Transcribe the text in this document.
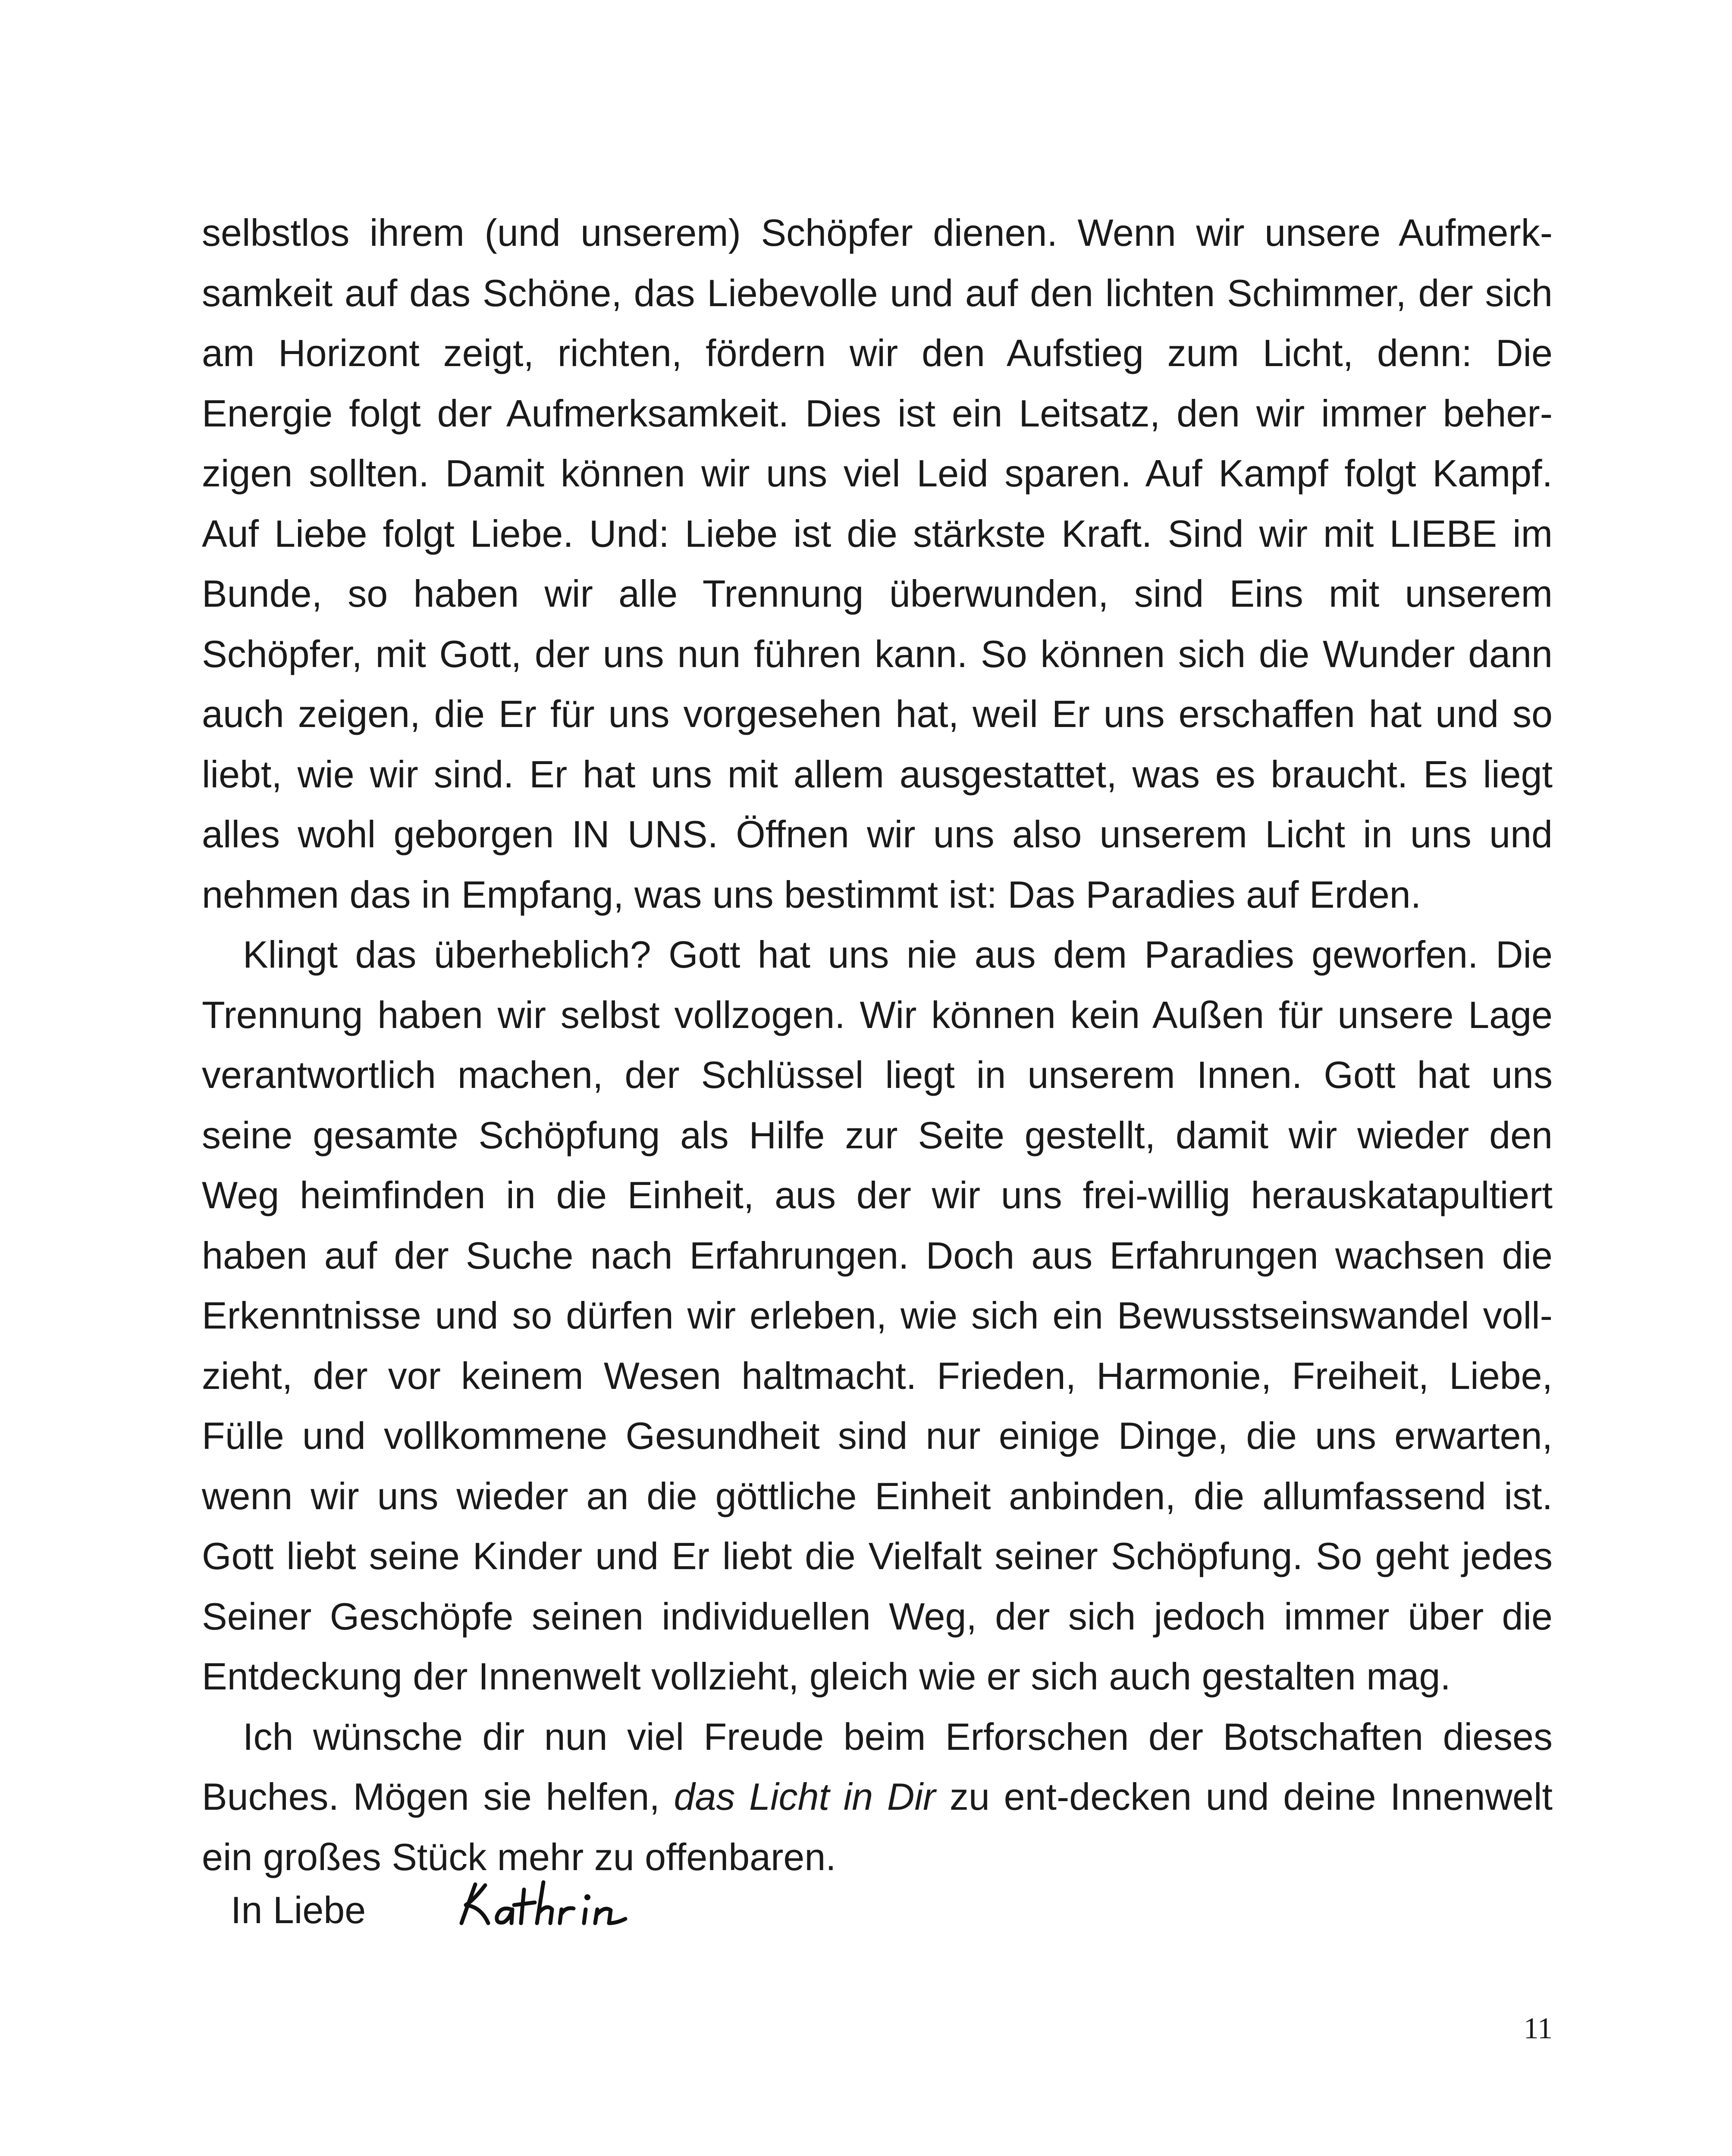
selbstlos ihrem (und unserem) Schöpfer dienen. Wenn wir unsere Aufmerk-
samkeit auf das Schöne, das Liebevolle und auf den lichten Schimmer, der sich
am Horizont zeigt, richten, fördern wir den Aufstieg zum Licht, denn: Die
Energie folgt der Aufmerksamkeit. Dies ist ein Leitsatz, den wir immer beher-
zigen sollten. Damit können wir uns viel Leid sparen. Auf Kampf folgt Kampf.
Auf Liebe folgt Liebe. Und: Liebe ist die stärkste Kraft. Sind wir mit LIEBE im
Bunde, so haben wir alle Trennung überwunden, sind Eins mit unserem
Schöpfer, mit Gott, der uns nun führen kann. So können sich die Wunder dann
auch zeigen, die Er für uns vorgesehen hat, weil Er uns erschaffen hat und so
liebt, wie wir sind. Er hat uns mit allem ausgestattet, was es braucht. Es liegt
alles wohl geborgen IN UNS. Öffnen wir uns also unserem Licht in uns und
nehmen das in Empfang, was uns bestimmt ist: Das Paradies auf Erden.
Klingt das überheblich? Gott hat uns nie aus dem Paradies geworfen. Die
Trennung haben wir selbst vollzogen. Wir können kein Außen für unsere Lage
verantwortlich machen, der Schlüssel liegt in unserem Innen. Gott hat uns
seine gesamte Schöpfung als Hilfe zur Seite gestellt, damit wir wieder den
Weg heimfinden in die Einheit, aus der wir uns frei-willig herauskatapultiert
haben auf der Suche nach Erfahrungen. Doch aus Erfahrungen wachsen die
Erkenntnisse und so dürfen wir erleben, wie sich ein Bewusstseinswandel voll-
zieht, der vor keinem Wesen haltmacht. Frieden, Harmonie, Freiheit, Liebe,
Fülle und vollkommene Gesundheit sind nur einige Dinge, die uns erwarten,
wenn wir uns wieder an die göttliche Einheit anbinden, die allumfassend ist.
Gott liebt seine Kinder und Er liebt die Vielfalt seiner Schöpfung. So geht jedes
Seiner Geschöpfe seinen individuellen Weg, der sich jedoch immer über die
Entdeckung der Innenwelt vollzieht, gleich wie er sich auch gestalten mag.
Ich wünsche dir nun viel Freude beim Erforschen der Botschaften dieses
Buches. Mögen sie helfen, das Licht in Dir zu ent-decken und deine Innenwelt
ein großes Stück mehr zu offenbaren.
In Liebe
11
